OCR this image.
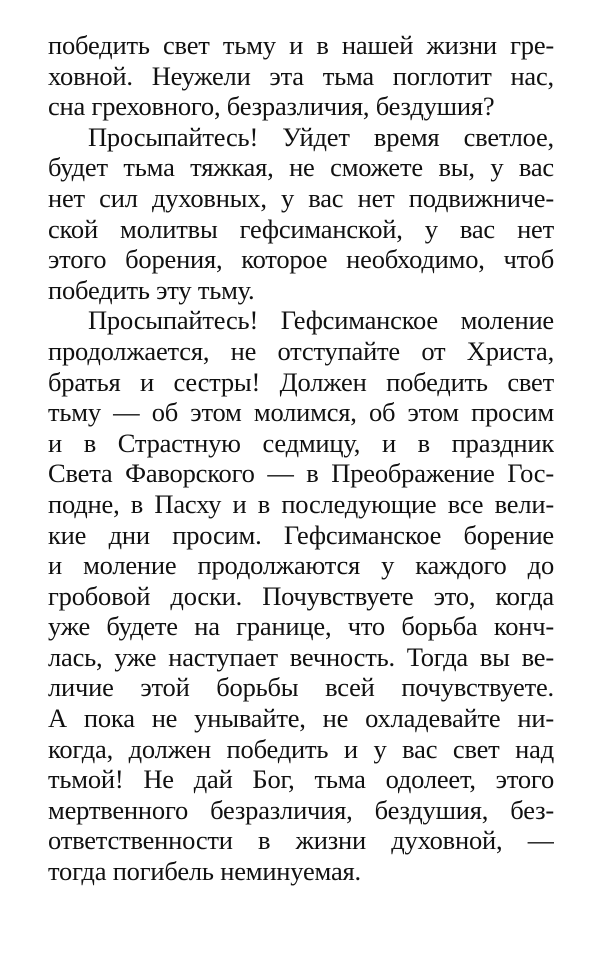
победить свет тьму и в нашей жизни гре-
ховной. Неужели эта тьма поглотит нас,
сна греховного, безразличия, бездушия?
Просыпайтесь! Уйдет время светлое,
будет тьма тяжкая, не сможете вы, у вас
нет сил духовных, у вас нет подвижниче-
ской молитвы гефсиманской, у вас нет
этого борения, которое необходимо, чтоб
победить эту тьму.
Просыпайтесь! Гефсиманское моление
продолжается, не отступайте от Христа,
братья и сестры! Должен победить свет
тьму — об этом молимся, об этом просим
и в Страстную седмицу, и в праздник
Света Фаворского — в Преображение Гос-
подне, в Пасху и в последующие все вели-
кие дни просим. Гефсиманское борение
и моление продолжаются у каждого до
гробовой доски. Почувствуете это, когда
уже будете на границе, что борьба конч-
лась, уже наступает вечность. Тогда вы ве-
личие этой борьбы всей почувствуете.
А пока не унывайте, не охладевайте ни-
когда, должен победить и у вас свет над
тьмой! Не дай Бог, тьма одолеет, этого
мертвенного безразличия, бездушия, без-
ответственности в жизни духовной, —
тогда погибель неминуемая.
